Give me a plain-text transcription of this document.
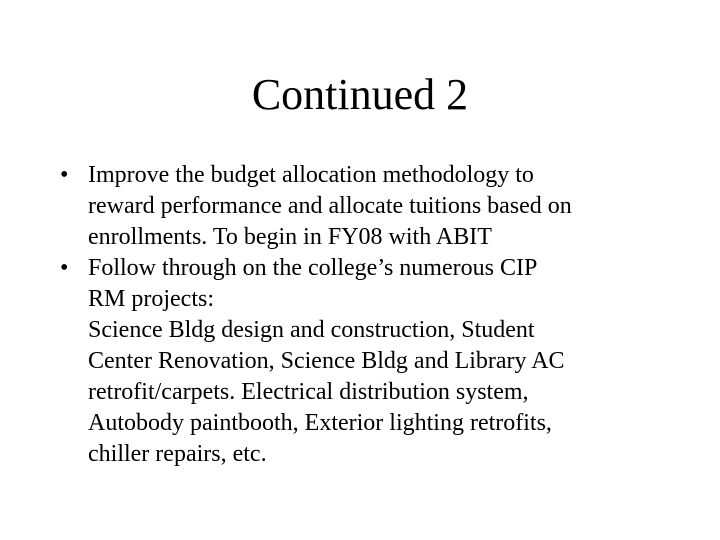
Continued 2
• Improve the budget allocation methodology to
reward performance and allocate tuitions based on
enrollments. To begin in FY08 with ABIT
• Follow through on the college’s numerous CIP
RM projects:
Science Bldg design and construction, Student
Center Renovation, Science Bldg and Library AC
retrofit/carpets. Electrical distribution system,
Autobody paintbooth, Exterior lighting retrofits,
chiller repairs, etc.
